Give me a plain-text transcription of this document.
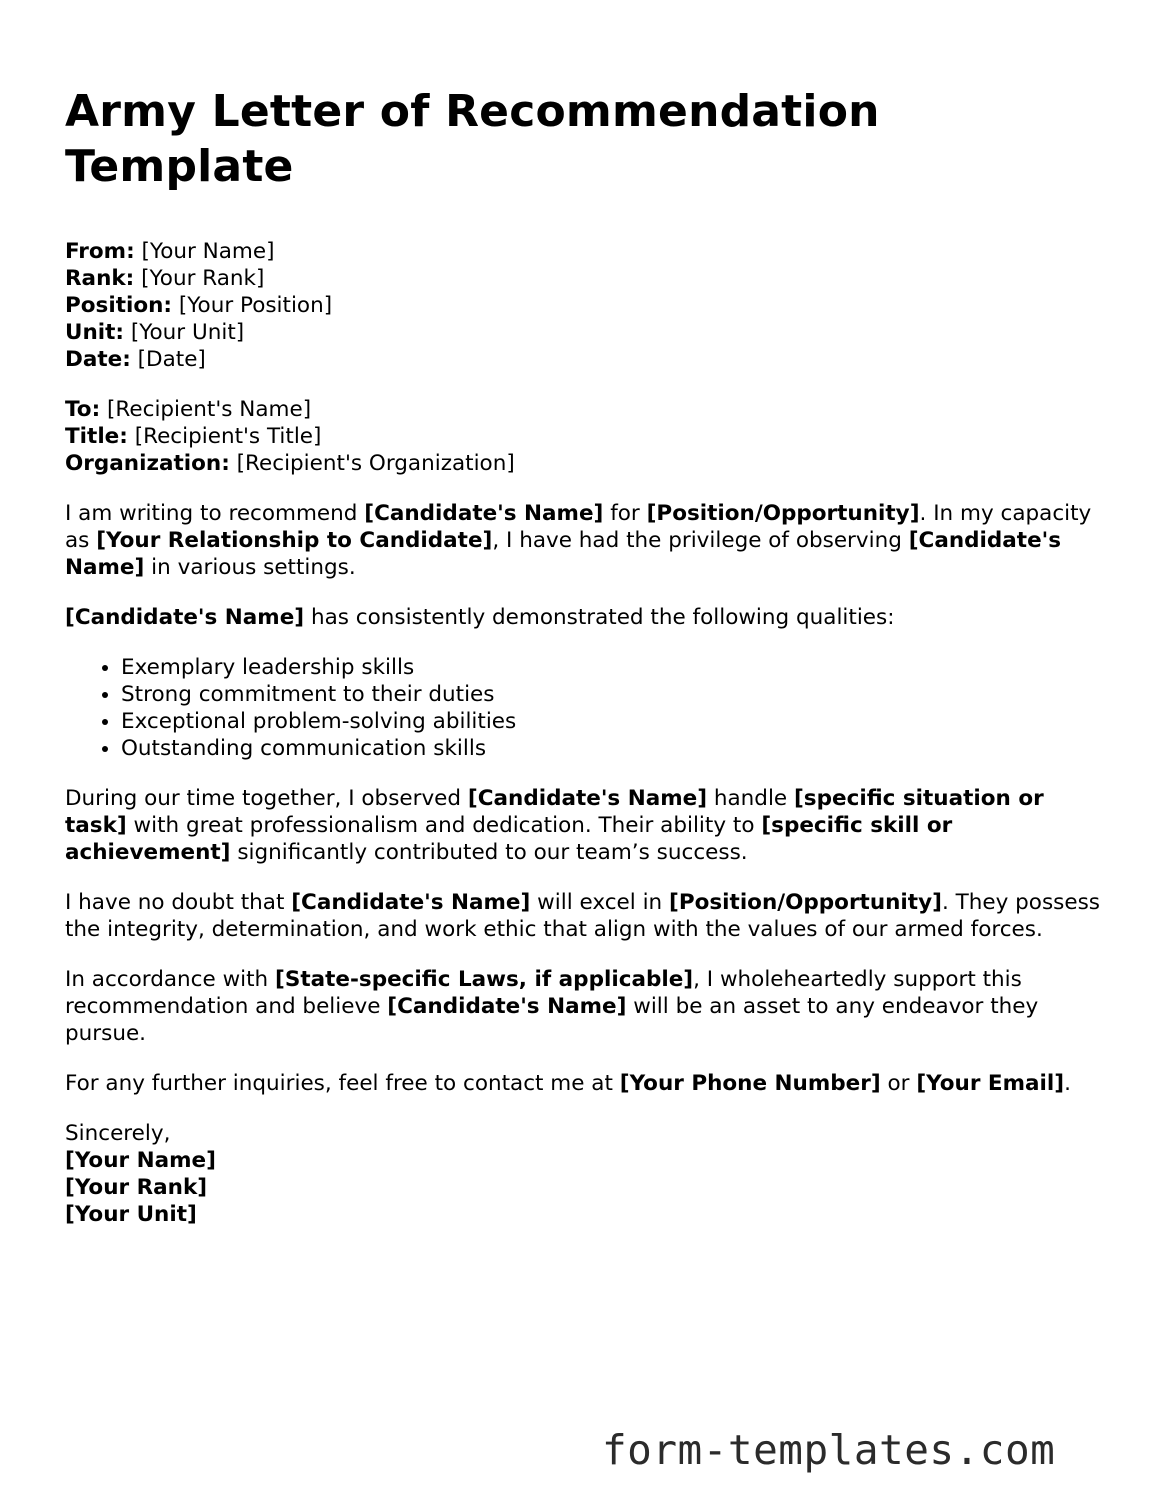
Army Letter of Recommendation Template
From: [Your Name]
Rank: [Your Rank]
Position: [Your Position]
Unit: [Your Unit]
Date: [Date]
To: [Recipient's Name]
Title: [Recipient's Title]
Organization: [Recipient's Organization]

I am writing to recommend [Candidate's Name] for [Position/Opportunity]. In my capacity as [Your Relationship to Candidate], I have had the privilege of observing [Candidate's Name] in various settings.

[Candidate's Name] has consistently demonstrated the following qualities:

• Exemplary leadership skills
• Strong commitment to their duties
• Exceptional problem-solving abilities
• Outstanding communication skills

During our time together, I observed [Candidate's Name] handle [specific situation or task] with great professionalism and dedication. Their ability to [specific skill or achievement] significantly contributed to our team’s success.

I have no doubt that [Candidate's Name] will excel in [Position/Opportunity]. They possess the integrity, determination, and work ethic that align with the values of our armed forces.

In accordance with [State-specific Laws, if applicable], I wholeheartedly support this recommendation and believe [Candidate's Name] will be an asset to any endeavor they pursue.

For any further inquiries, feel free to contact me at [Your Phone Number] or [Your Email].

Sincerely,
[Your Name]
[Your Rank]
[Your Unit]
form-templates.com
